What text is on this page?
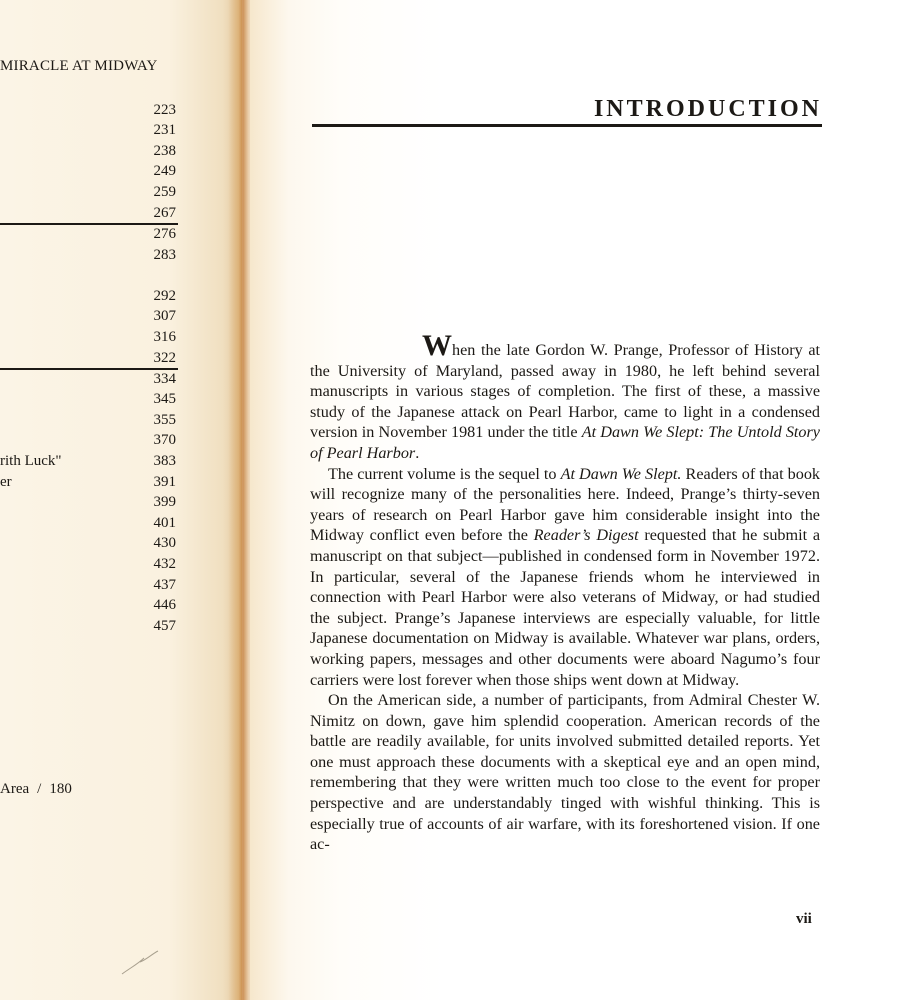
MIRACLE AT MIDWAY
223
231
238
249
259
267
276
283
292
307
316
322
334
345
355
370
rith Luck"	383
er	391
399
401
430
432
437
446
457
Area / 180
INTRODUCTION

When the late Gordon W. Prange, Professor of History at the University of Maryland, passed away in 1980, he left behind several manuscripts in various stages of completion. The first of these, a massive study of the Japanese attack on Pearl Harbor, came to light in a condensed version in November 1981 under the title At Dawn We Slept: The Untold Story of Pearl Harbor.

The current volume is the sequel to At Dawn We Slept. Readers of that book will recognize many of the personalities here. Indeed, Prange’s thirty-seven years of research on Pearl Harbor gave him considerable insight into the Midway conflict even before the Reader’s Digest requested that he submit a manuscript on that subject—published in condensed form in November 1972. In particular, several of the Japanese friends whom he interviewed in connection with Pearl Harbor were also veterans of Midway, or had studied the subject. Prange’s Japanese interviews are especially valuable, for little Japanese documentation on Midway is available. Whatever war plans, orders, working papers, messages and other documents were aboard Nagumo’s four carriers were lost forever when those ships went down at Midway.

On the American side, a number of participants, from Admiral Chester W. Nimitz on down, gave him splendid cooperation. American records of the battle are readily available, for units involved submitted detailed reports. Yet one must approach these documents with a skeptical eye and an open mind, remembering that they were written much too close to the event for proper perspective and are understandably tinged with wishful thinking. This is especially true of accounts of air warfare, with its foreshortened vision. If one ac-

vii
